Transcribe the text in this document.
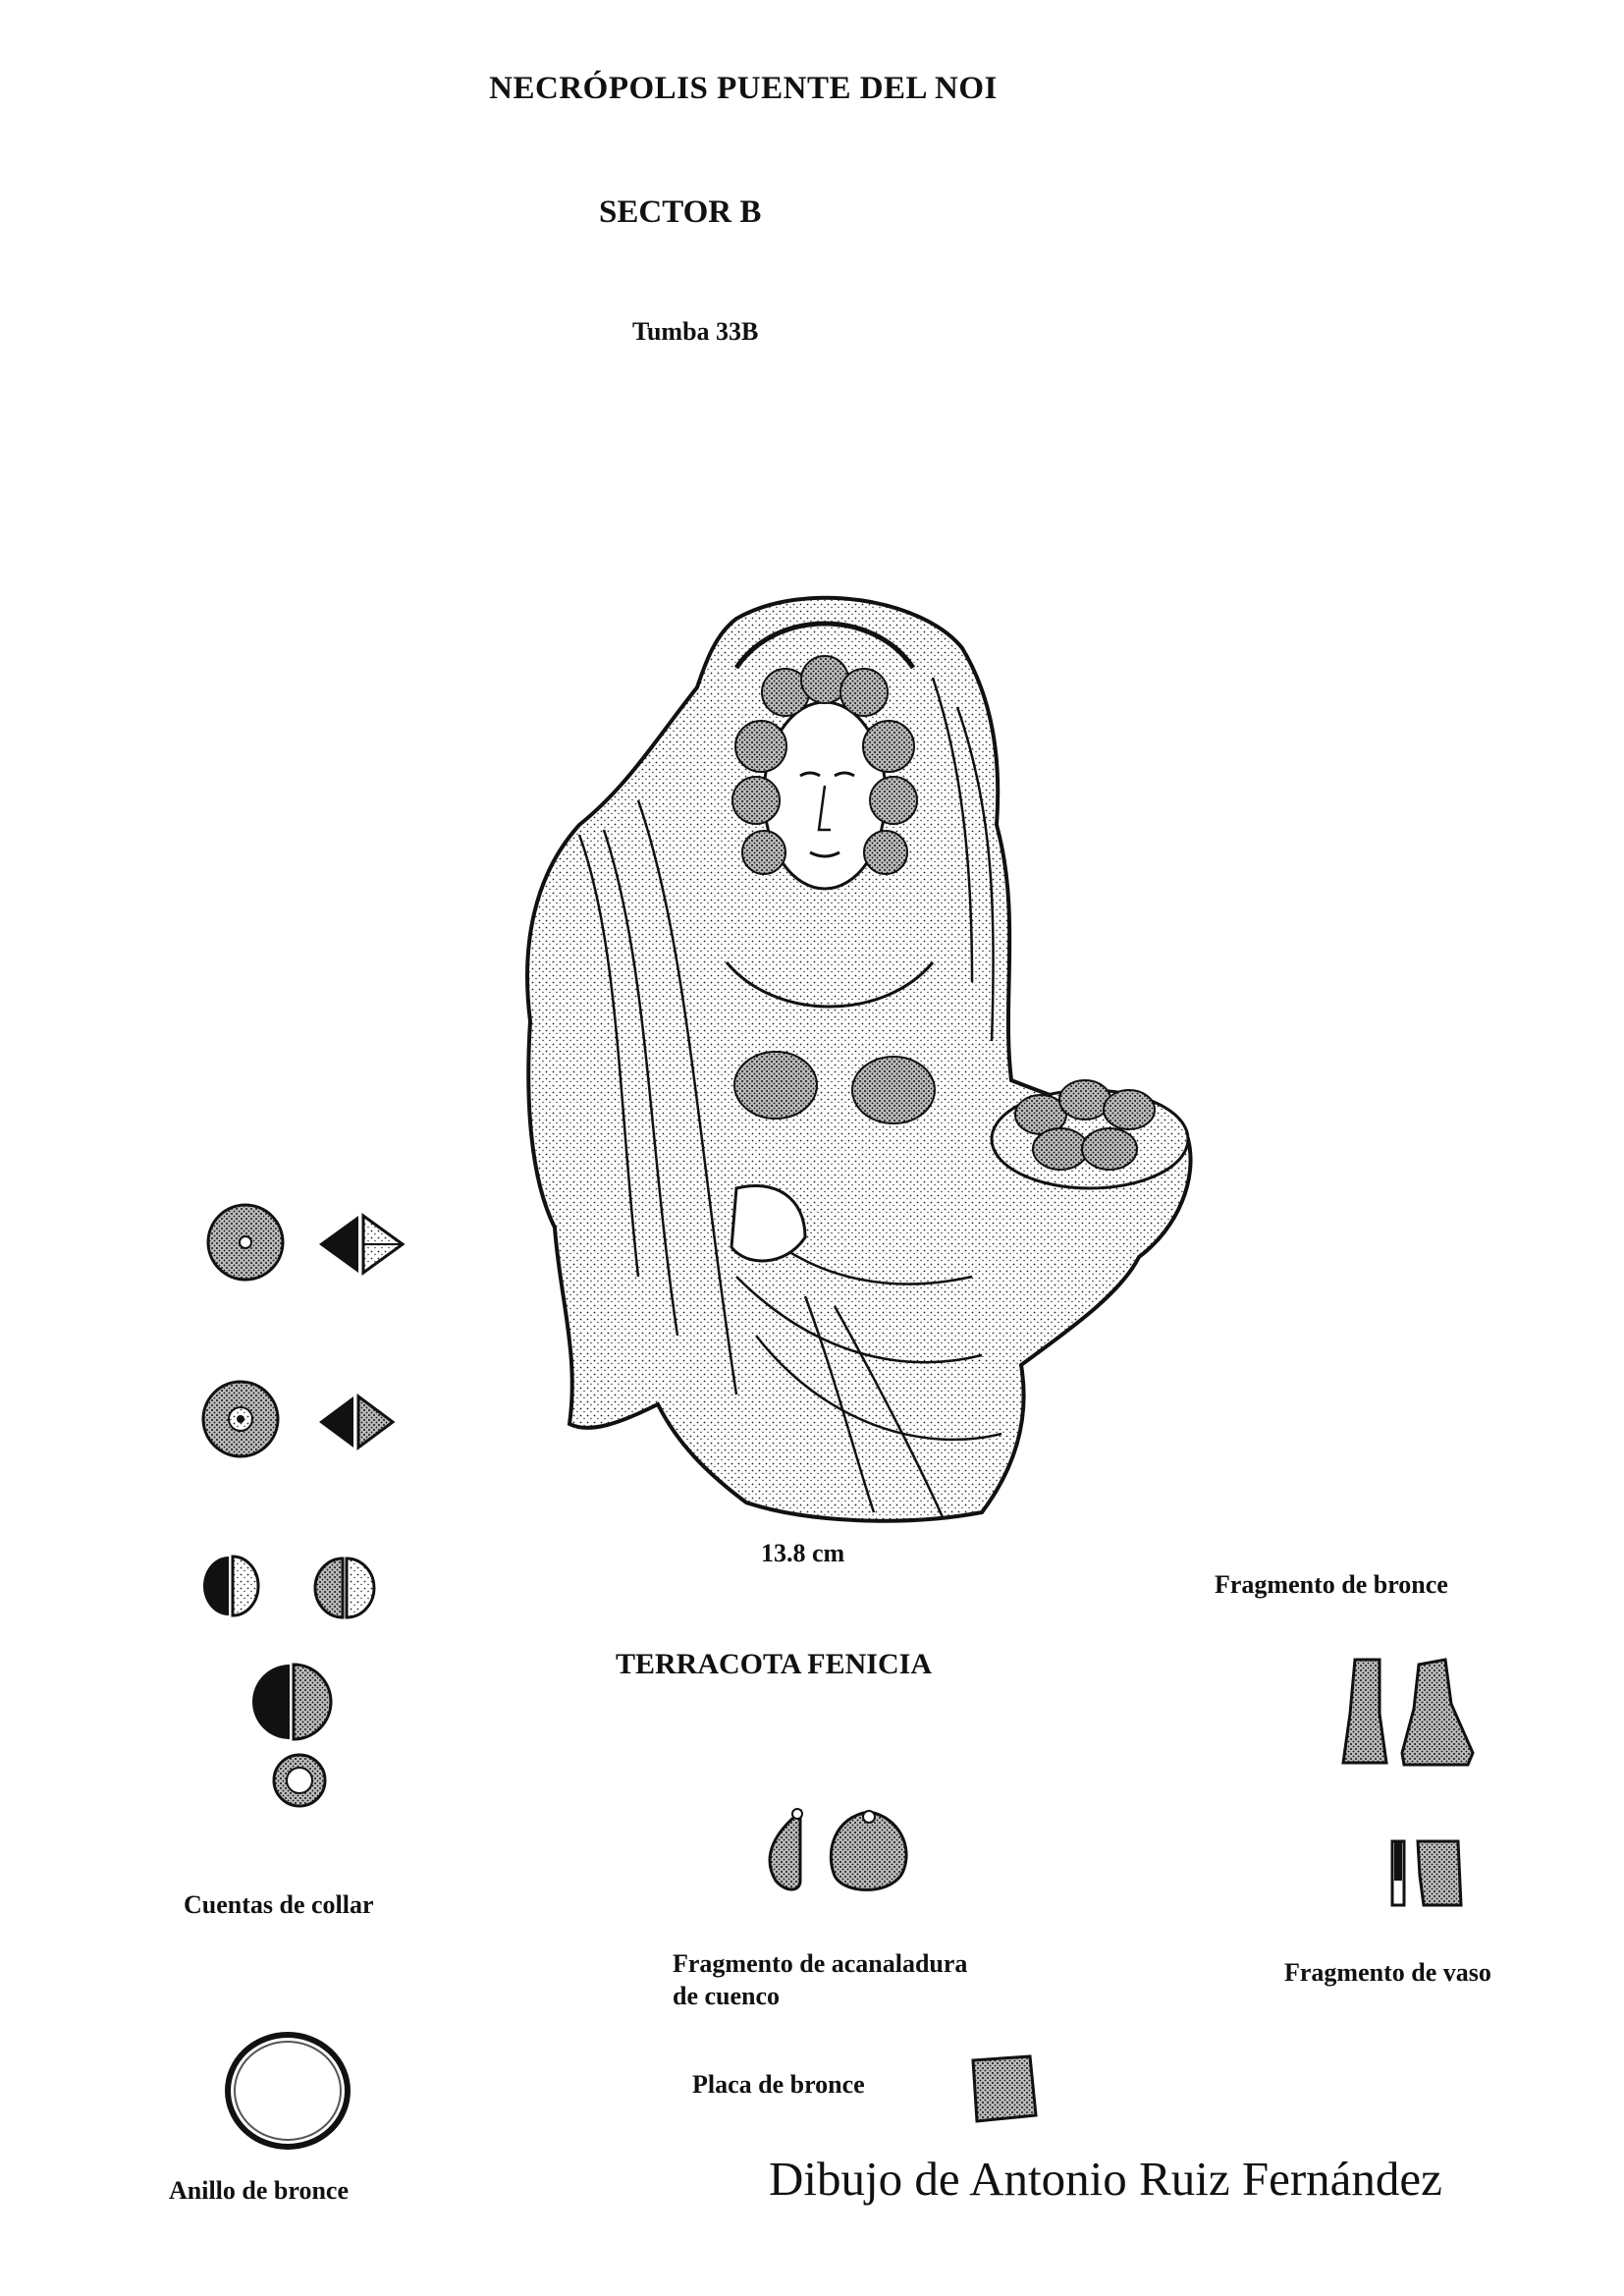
NECRÓPOLIS PUENTE DEL NOI
SECTOR B
Tumba 33B
13.8 cm
TERRACOTA FENICIA
Cuentas de collar
Anillo de bronce
Fragmento de acanaladura
de cuenco
Placa de bronce
Fragmento de bronce
Fragmento de vaso
Dibujo de Antonio Ruiz Fernández
